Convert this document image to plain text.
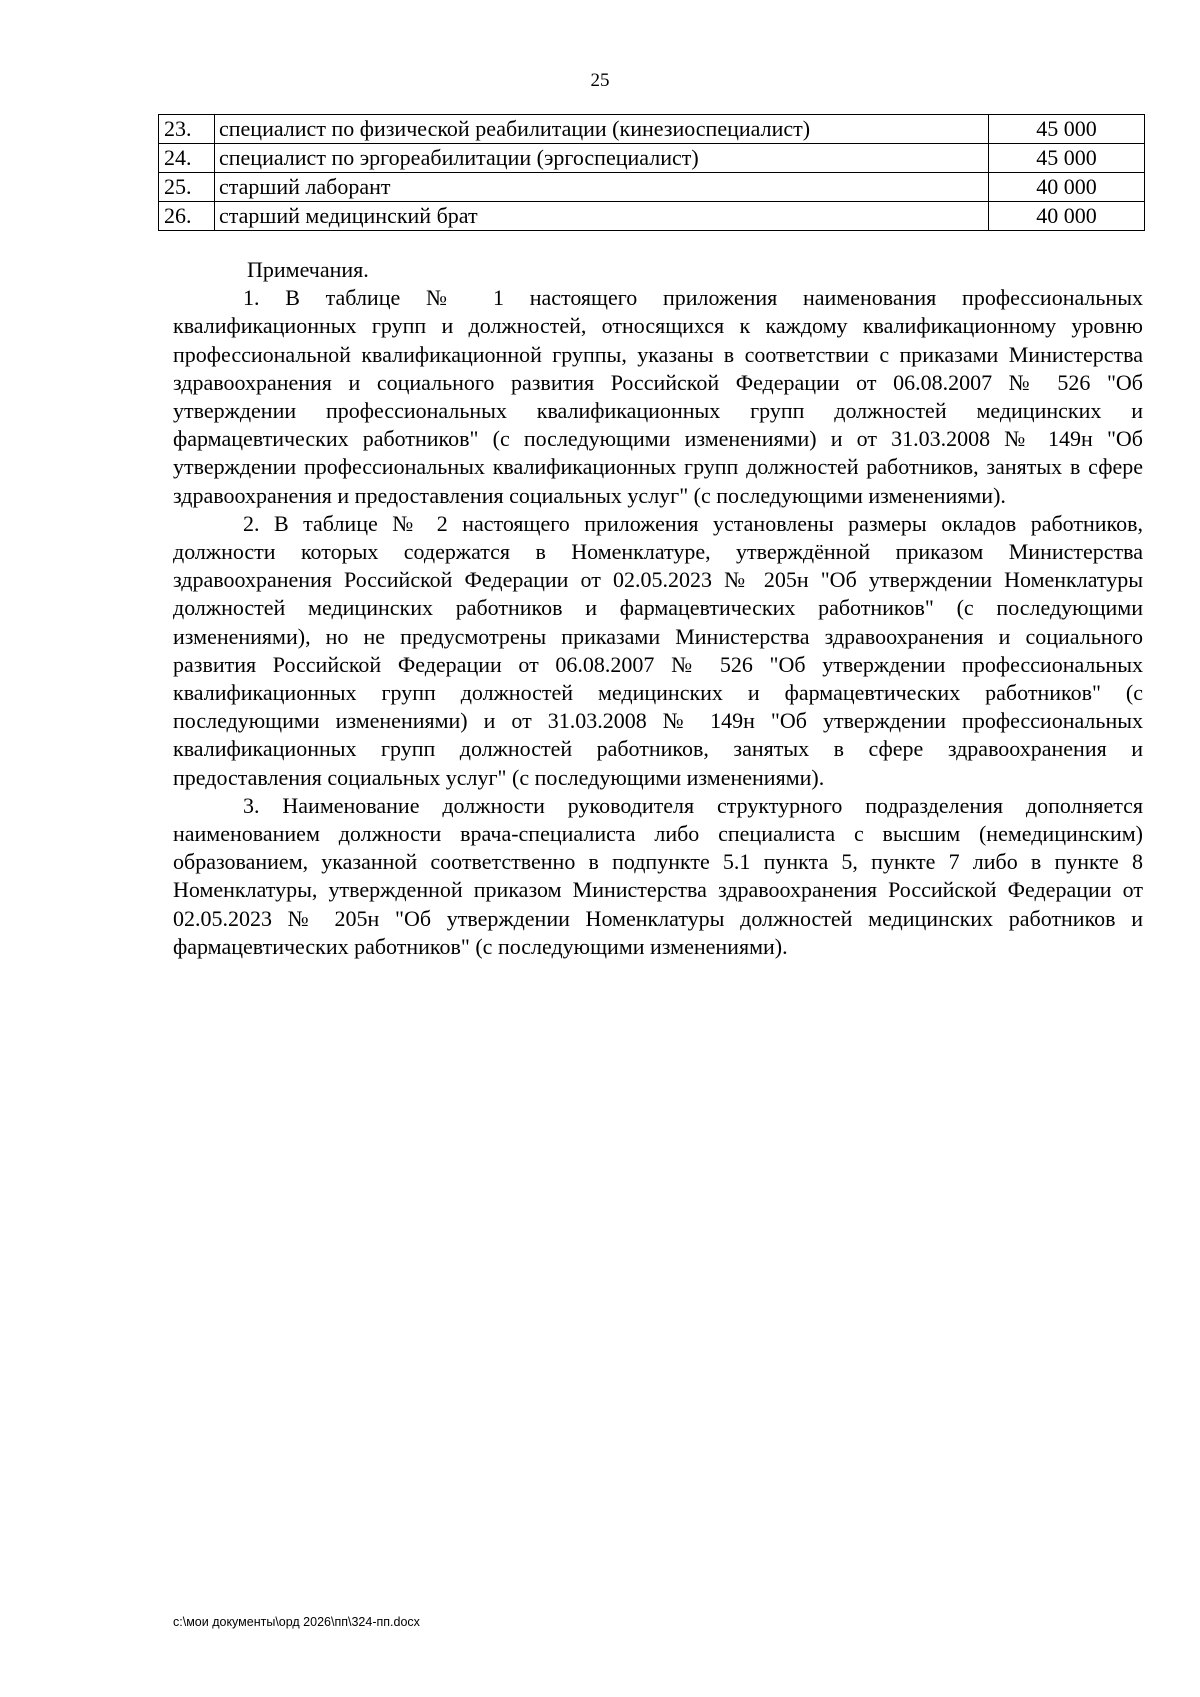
25
23.	специалист по физической реабилитации (кинезиоспециалист)	45 000
24.	специалист по эргореабилитации (эргоспециалист)	45 000
25.	старший лаборант	40 000
26.	старший медицинский брат	40 000

Примечания.

1. В таблице № 1 настоящего приложения наименования профессиональных квалификационных групп и должностей, относящихся к каждому квалификационному уровню профессиональной квалификационной группы, указаны в соответствии с приказами Министерства здравоохранения и социального развития Российской Федерации от 06.08.2007 № 526 "Об утверждении профессиональных квалификационных групп должностей медицинских и фармацевтических работников" (с последующими изменениями) и от 31.03.2008 № 149н "Об утверждении профессиональных квалификационных групп должностей работников, занятых в сфере здравоохранения и предоставления социальных услуг" (с последующими изменениями).

2. В таблице № 2 настоящего приложения установлены размеры окладов работников, должности которых содержатся в Номенклатуре, утверждённой приказом Министерства здравоохранения Российской Федерации от 02.05.2023 № 205н "Об утверждении Номенклатуры должностей медицинских работников и фармацевтических работников" (с последующими изменениями), но не предусмотрены приказами Министерства здравоохранения и социального развития Российской Федерации от 06.08.2007 № 526 "Об утверждении профессиональных квалификационных групп должностей медицинских и фармацевтических работников" (с последующими изменениями) и от 31.03.2008 № 149н "Об утверждении профессиональных квалификационных групп должностей работников, занятых в сфере здравоохранения и предоставления социальных услуг" (с последующими изменениями).

3. Наименование должности руководителя структурного подразделения дополняется наименованием должности врача-специалиста либо специалиста с высшим (немедицинским) образованием, указанной соответственно в подпункте 5.1 пункта 5, пункте 7 либо в пункте 8 Номенклатуры, утвержденной приказом Министерства здравоохранения Российской Федерации от 02.05.2023 № 205н "Об утверждении Номенклатуры должностей медицинских работников и фармацевтических работников" (с последующими изменениями).

c:\мои документы\орд 2026\пп\324-пп.docx
